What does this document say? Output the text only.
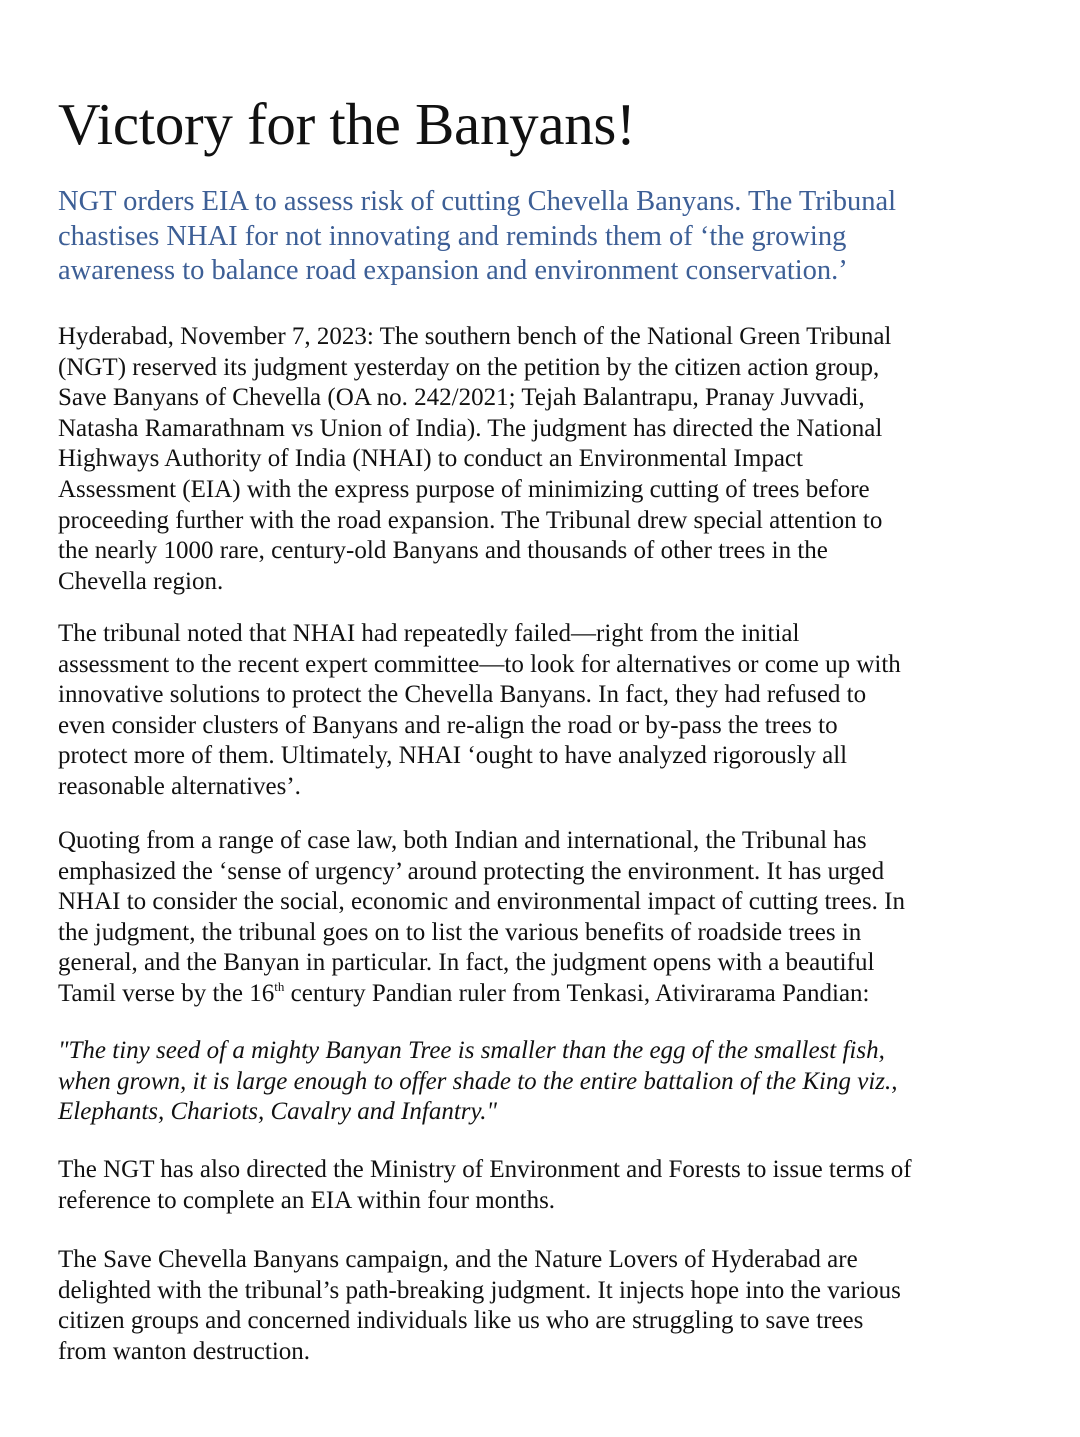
Victory for the Banyans!
NGT orders EIA to assess risk of cutting Chevella Banyans. The Tribunal
chastises NHAI for not innovating and reminds them of ‘the growing
awareness to balance road expansion and environment conservation.’
Hyderabad, November 7, 2023: The southern bench of the National Green Tribunal
(NGT) reserved its judgment yesterday on the petition by the citizen action group,
Save Banyans of Chevella (OA no. 242/2021; Tejah Balantrapu, Pranay Juvvadi,
Natasha Ramarathnam vs Union of India). The judgment has directed the National
Highways Authority of India (NHAI) to conduct an Environmental Impact
Assessment (EIA) with the express purpose of minimizing cutting of trees before
proceeding further with the road expansion. The Tribunal drew special attention to
the nearly 1000 rare, century-old Banyans and thousands of other trees in the
Chevella region.
The tribunal noted that NHAI had repeatedly failed—right from the initial
assessment to the recent expert committee—to look for alternatives or come up with
innovative solutions to protect the Chevella Banyans. In fact, they had refused to
even consider clusters of Banyans and re-align the road or by-pass the trees to
protect more of them. Ultimately, NHAI ‘ought to have analyzed rigorously all
reasonable alternatives’.
Quoting from a range of case law, both Indian and international, the Tribunal has
emphasized the ‘sense of urgency’ around protecting the environment. It has urged
NHAI to consider the social, economic and environmental impact of cutting trees. In
the judgment, the tribunal goes on to list the various benefits of roadside trees in
general, and the Banyan in particular. In fact, the judgment opens with a beautiful
Tamil verse by the 16th century Pandian ruler from Tenkasi, Ativirarama Pandian:
"The tiny seed of a mighty Banyan Tree is smaller than the egg of the smallest fish,
when grown, it is large enough to offer shade to the entire battalion of the King viz.,
Elephants, Chariots, Cavalry and Infantry."
The NGT has also directed the Ministry of Environment and Forests to issue terms of
reference to complete an EIA within four months.
The Save Chevella Banyans campaign, and the Nature Lovers of Hyderabad are
delighted with the tribunal’s path-breaking judgment. It injects hope into the various
citizen groups and concerned individuals like us who are struggling to save trees
from wanton destruction.
